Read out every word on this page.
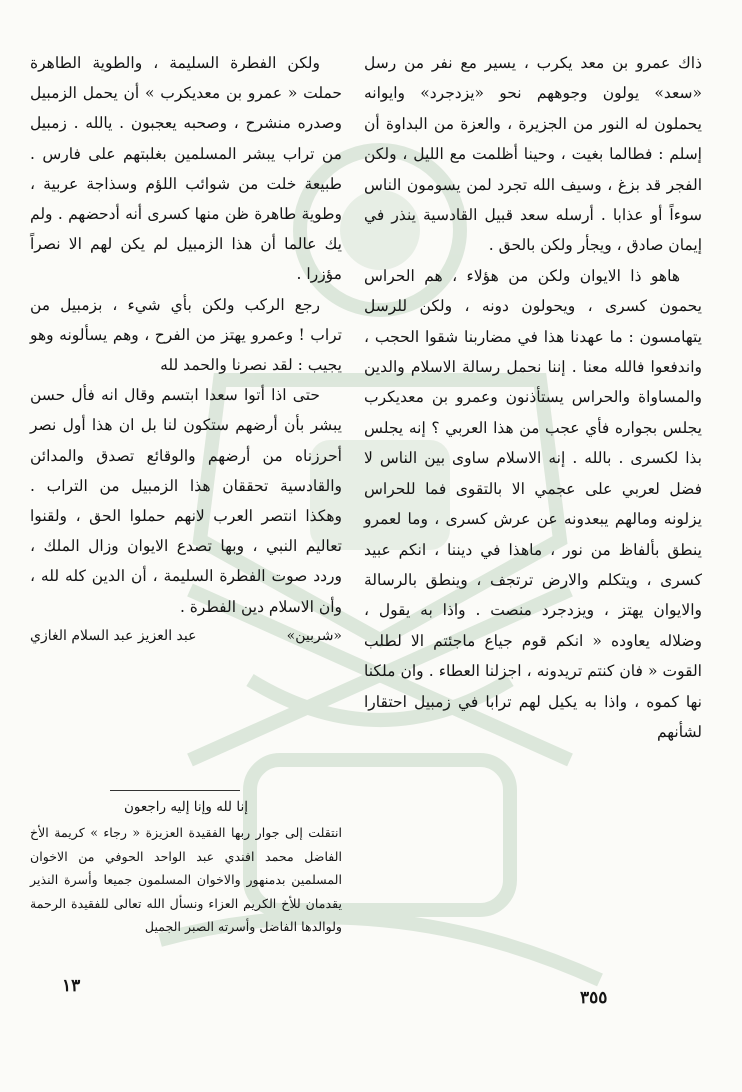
ذاك عمرو بن معد يكرب ، يسير مع نفر من رسل «سعد» يولون وجوههم نحو «يزدجرد» وايوانه يحملون له النور من الجزيرة ، والعزة من البداوة أن إسلم : فطالما بغيت ، وحينا أظلمت مع الليل ، ولكن الفجر قد بزغ ، وسيف الله تجرد لمن يسومون الناس سوءاً أو عذابا . أرسله سعد قبيل القادسية ينذر في إيمان صادق ، ويجأر ولكن بالحق .

هاهو ذا الايوان ولكن من هؤلاء ، هم الحراس يحمون كسرى ، ويحولون دونه ، ولكن للرسل يتهامسون : ما عهدنا هذا في مضاربنا شقوا الحجب ، واندفعوا فالله معنا . إننا نحمل رسالة الاسلام والدين والمساواة والحراس يستأذنون وعمرو بن معديكرب يجلس بجواره فأي عجب من هذا العربي ؟ إنه يجلس بذا لكسرى . بالله . إنه الاسلام ساوى بين الناس لا فضل لعربي على عجمي الا بالتقوى فما للحراس يزلونه ومالهم يبعدونه عن عرش كسرى ، وما لعمرو ينطق بألفاظ من نور ، ماهذا في ديننا ، انكم عبيد كسرى ، ويتكلم والارض ترتجف ، وينطق بالرسالة والايوان يهتز ، ويزدجرد منصت . واذا به يقول ، وضلاله يعاوده « انكم قوم جياع ماجئتم الا لطلب القوت « فان كنتم تريدونه ، اجزلنا العطاء . وان ملكنا نها كموه ، واذا به يكيل لهم ترابا في زمبيل احتقارا لشأنهم

ولكن الفطرة السليمة ، والطوية الطاهرة حملت « عمرو بن معديكرب » أن يحمل الزمبيل وصدره منشرح ، وصحبه يعجبون . يالله . زمبيل من تراب يبشر المسلمين بغلبتهم على فارس . طبيعة خلت من شوائب اللؤم وسذاجة عربية ، وطوية طاهرة ظن منها كسرى أنه أدحضهم . ولم يك عالما أن هذا الزمبيل لم يكن لهم الا نصراً مؤزرا .

رجع الركب ولكن بأي شيء ، بزمبيل من تراب ! وعمرو يهتز من الفرح ، وهم يسألونه وهو يجيب : لقد نصرنا والحمد لله

حتى اذا أتوا سعدا ابتسم وقال انه فأل حسن يبشر بأن أرضهم ستكون لنا بل ان هذا أول نصر أحرزناه من أرضهم والوقائع تصدق والمدائن والقادسية تحققان هذا الزمبيل من التراب . وهكذا انتصر العرب لانهم حملوا الحق ، ولقنوا تعاليم النبي ، وبها تصدع الايوان وزال الملك ، وردد صوت الفطرة السليمة ، أن الدين كله لله ، وأن الاسلام دين الفطرة .

«شربين»
عبد العزيز عبد السلام الغازي
إنا لله وإنا إليه راجعون

انتقلت إلى جوار ربها الفقيدة العزيزة « رجاء » كريمة الأخ الفاضل محمد افندي عبد الواحد الحوفي من الاخوان المسلمين بدمنهور والاخوان المسلمون جميعا وأسرة النذير يقدمان للأخ الكريم العزاء ونسأل الله تعالى للفقيدة الرحمة ولوالدها الفاضل وأسرته الصبر الجميل

١٣
٣٥٥
